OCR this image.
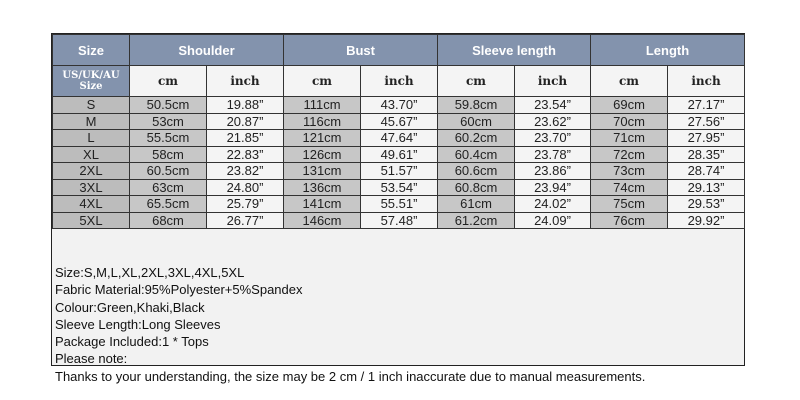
Size	Shoulder		Bust		Sleeve length		Length	
US/UK/AU
Size	cm	inch	cm	inch	cm	inch	cm	inch
S	50.5cm	19.88”	111cm	43.70”	59.8cm	23.54”	69cm	27.17”
M	53cm	20.87”	116cm	45.67”	60cm	23.62”	70cm	27.56”
L	55.5cm	21.85”	121cm	47.64”	60.2cm	23.70”	71cm	27.95”
XL	58cm	22.83”	126cm	49.61”	60.4cm	23.78”	72cm	28.35”
2XL	60.5cm	23.82”	131cm	51.57”	60.6cm	23.86”	73cm	28.74”
3XL	63cm	24.80”	136cm	53.54”	60.8cm	23.94”	74cm	29.13”
4XL	65.5cm	25.79”	141cm	55.51”	61cm	24.02”	75cm	29.53”
5XL	68cm	26.77”	146cm	57.48”	61.2cm	24.09”	76cm	29.92”
Size:S,M,L,XL,2XL,3XL,4XL,5XL
Fabric Material:95%Polyester+5%Spandex
Colour:Green,Khaki,Black
Sleeve Length:Long Sleeves
Package Included:1 * Tops
Please note:
Thanks to your understanding, the size may be 2 cm / 1 inch inaccurate due to manual measurements.
